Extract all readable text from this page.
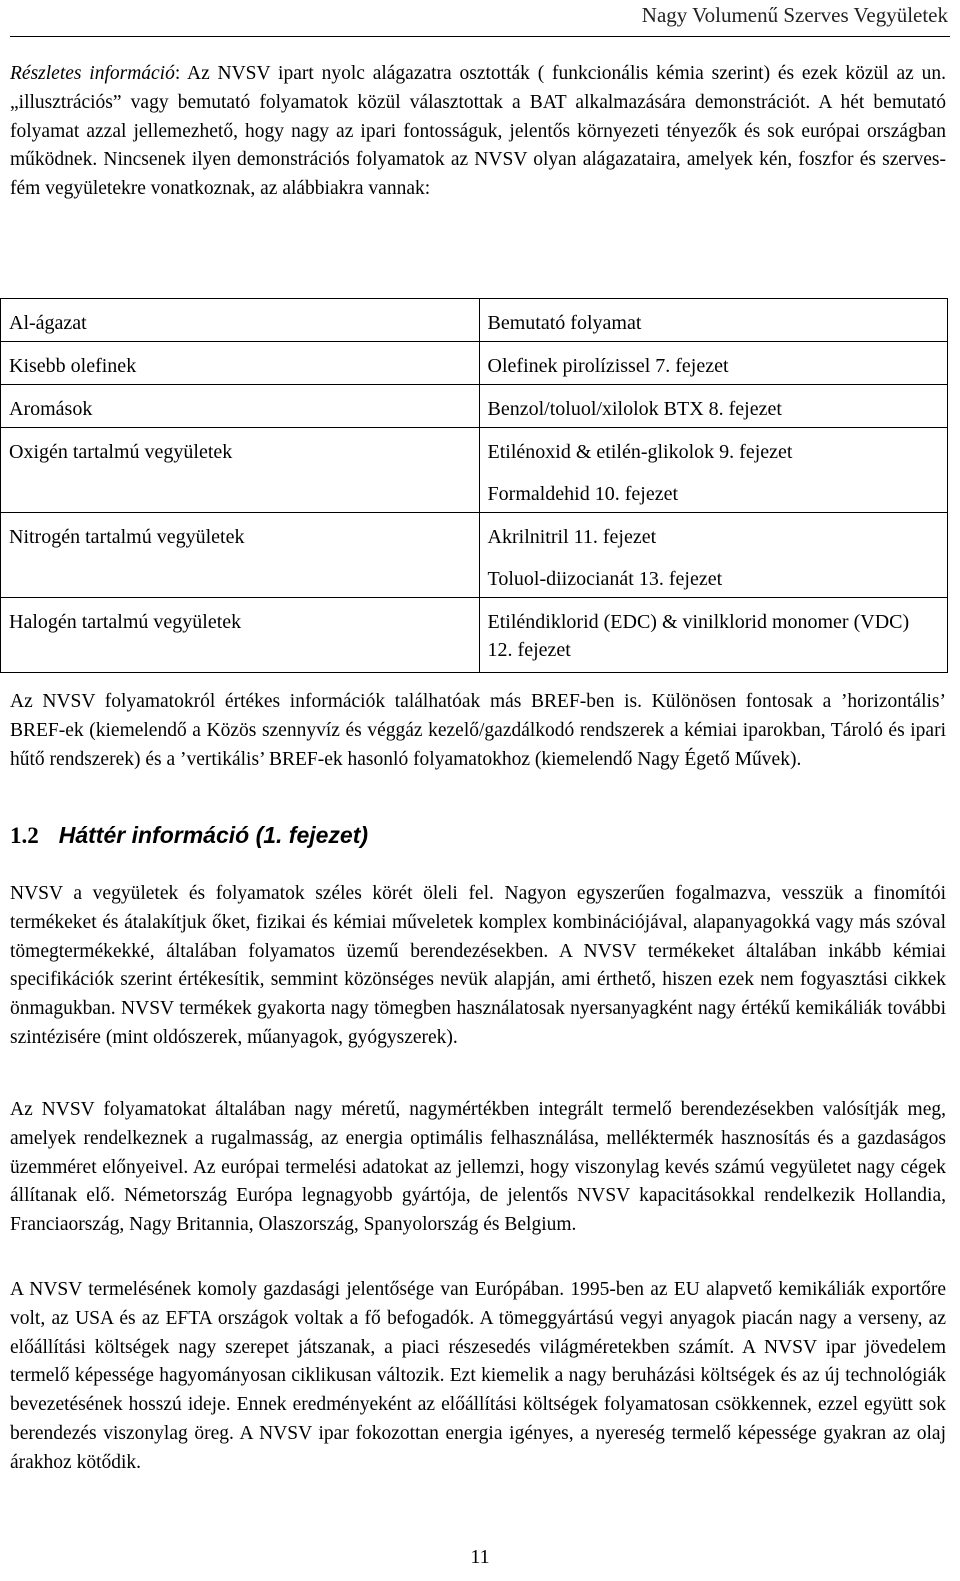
Nagy Volumenű Szerves Vegyületek

Részletes információ: Az NVSV ipart nyolc alágazatra osztották ( funkcionális kémia szerint) és ezek közül az un. „illusztrációs” vagy bemutató folyamatok közül választottak a BAT alkalmazására demonstrációt. A hét bemutató folyamat azzal jellemezhető, hogy nagy az ipari fontosságuk, jelentős környezeti tényezők és sok európai országban működnek. Nincsenek ilyen demonstrációs folyamatok az NVSV olyan alágazataira, amelyek kén, foszfor és szerves-fém vegyületekre vonatkoznak, az alábbiakra vannak:

Al-ágazat	Bemutató folyamat

Kisebb olefinek	Olefinek pirolízissel 7. fejezet

Aromások	Benzol/toluol/xilolok BTX 8. fejezet

Oxigén tartalmú vegyületek	Etilénoxid & etilén-glikolok 9. fejezet
Formaldehid 10. fejezet

Nitrogén tartalmú vegyületek	Akrilnitril 11. fejezet
Toluol-diizocianát 13. fejezet

Halogén tartalmú vegyületek	Etiléndiklorid (EDC) & vinilklorid monomer (VDC) 12. fejezet

Az NVSV folyamatokról értékes információk találhatóak más BREF-ben is. Különösen fontosak a ’horizontális’ BREF-ek (kiemelendő a Közös szennyvíz és véggáz kezelő/gazdálkodó rendszerek a kémiai iparokban, Tároló és ipari hűtő rendszerek) és a ’vertikális’ BREF-ek hasonló folyamatokhoz (kiemelendő Nagy Égető Művek).

1.2 Háttér információ (1. fejezet)

NVSV a vegyületek és folyamatok széles körét öleli fel. Nagyon egyszerűen fogalmazva, vesszük a finomítói termékeket és átalakítjuk őket, fizikai és kémiai műveletek komplex kombinációjával, alapanyagokká vagy más szóval tömegtermékekké, általában folyamatos üzemű berendezésekben. A NVSV termékeket általában inkább kémiai specifikációk szerint értékesítik, semmint közönséges nevük alapján, ami érthető, hiszen ezek nem fogyasztási cikkek önmagukban. NVSV termékek gyakorta nagy tömegben használatosak nyersanyagként nagy értékű kemikáliák további szintézisére (mint oldószerek, műanyagok, gyógyszerek).

Az NVSV folyamatokat általában nagy méretű, nagymértékben integrált termelő berendezésekben valósítják meg, amelyek rendelkeznek a rugalmasság, az energia optimális felhasználása, melléktermék hasznosítás és a gazdaságos üzemméret előnyeivel. Az európai termelési adatokat az jellemzi, hogy viszonylag kevés számú vegyületet nagy cégek állítanak elő. Németország Európa legnagyobb gyártója, de jelentős NVSV kapacitásokkal rendelkezik Hollandia, Franciaország, Nagy Britannia, Olaszország, Spanyolország és Belgium.

A NVSV termelésének komoly gazdasági jelentősége van Európában. 1995-ben az EU alapvető kemikáliák exportőre volt, az USA és az EFTA országok voltak a fő befogadók. A tömeggyártású vegyi anyagok piacán nagy a verseny, az előállítási költségek nagy szerepet játszanak, a piaci részesedés világméretekben számít. A NVSV ipar jövedelem termelő képessége hagyományosan ciklikusan változik. Ezt kiemelik a nagy beruházási költségek és az új technológiák bevezetésének hosszú ideje. Ennek eredményeként az előállítási költségek folyamatosan csökkennek, ezzel együtt sok berendezés viszonylag öreg. A NVSV ipar fokozottan energia igényes, a nyereség termelő képessége gyakran az olaj árakhoz kötődik.

11
